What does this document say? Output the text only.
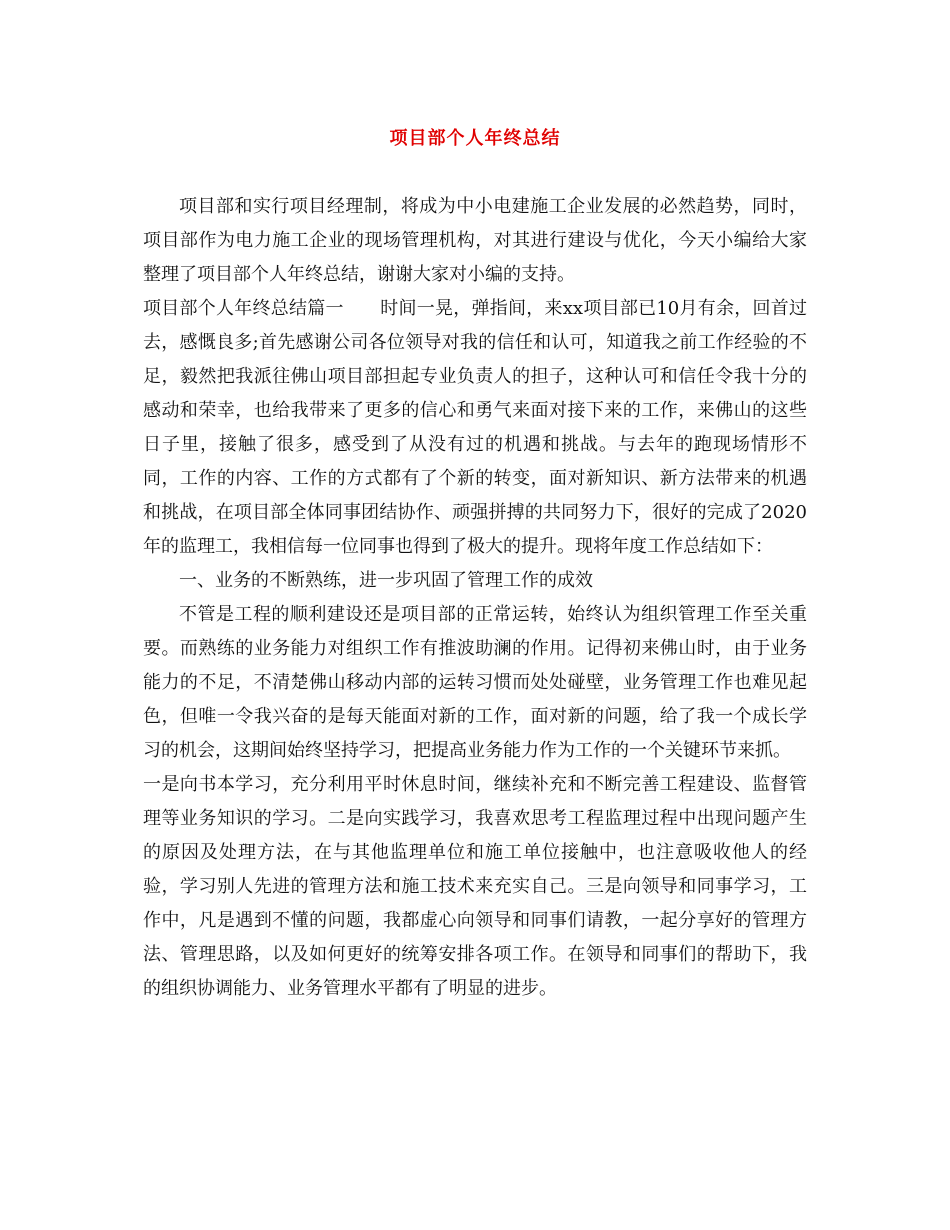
项目部个人年终总结

项目部和实行项目经理制，将成为中小电建施工企业发展的必然趋势，同时，项目部作为电力施工企业的现场管理机构，对其进行建设与优化，今天小编给大家整理了项目部个人年终总结，谢谢大家对小编的支持。

项目部个人年终总结篇一　　时间一晃，弹指间，来xx项目部已10月有余，回首过去，感慨良多;首先感谢公司各位领导对我的信任和认可，知道我之前工作经验的不足，毅然把我派往佛山项目部担起专业负责人的担子，这种认可和信任令我十分的感动和荣幸，也给我带来了更多的信心和勇气来面对接下来的工作，来佛山的这些日子里，接触了很多，感受到了从没有过的机遇和挑战。与去年的跑现场情形不同，工作的内容、工作的方式都有了个新的转变，面对新知识、新方法带来的机遇和挑战，在项目部全体同事团结协作、顽强拼搏的共同努力下，很好的完成了2020年的监理工，我相信每一位同事也得到了极大的提升。现将年度工作总结如下：

一、业务的不断熟练，进一步巩固了管理工作的成效

不管是工程的顺利建设还是项目部的正常运转，始终认为组织管理工作至关重要。而熟练的业务能力对组织工作有推波助澜的作用。记得初来佛山时，由于业务能力的不足，不清楚佛山移动内部的运转习惯而处处碰壁，业务管理工作也难见起色，但唯一令我兴奋的是每天能面对新的工作，面对新的问题，给了我一个成长学习的机会，这期间始终坚持学习，把提高业务能力作为工作的一个关键环节来抓。

一是向书本学习，充分利用平时休息时间，继续补充和不断完善工程建设、监督管理等业务知识的学习。二是向实践学习，我喜欢思考工程监理过程中出现问题产生的原因及处理方法，在与其他监理单位和施工单位接触中，也注意吸收他人的经验，学习别人先进的管理方法和施工技术来充实自己。三是向领导和同事学习，工作中，凡是遇到不懂的问题，我都虚心向领导和同事们请教，一起分享好的管理方法、管理思路，以及如何更好的统筹安排各项工作。在领导和同事们的帮助下，我的组织协调能力、业务管理水平都有了明显的进步。
